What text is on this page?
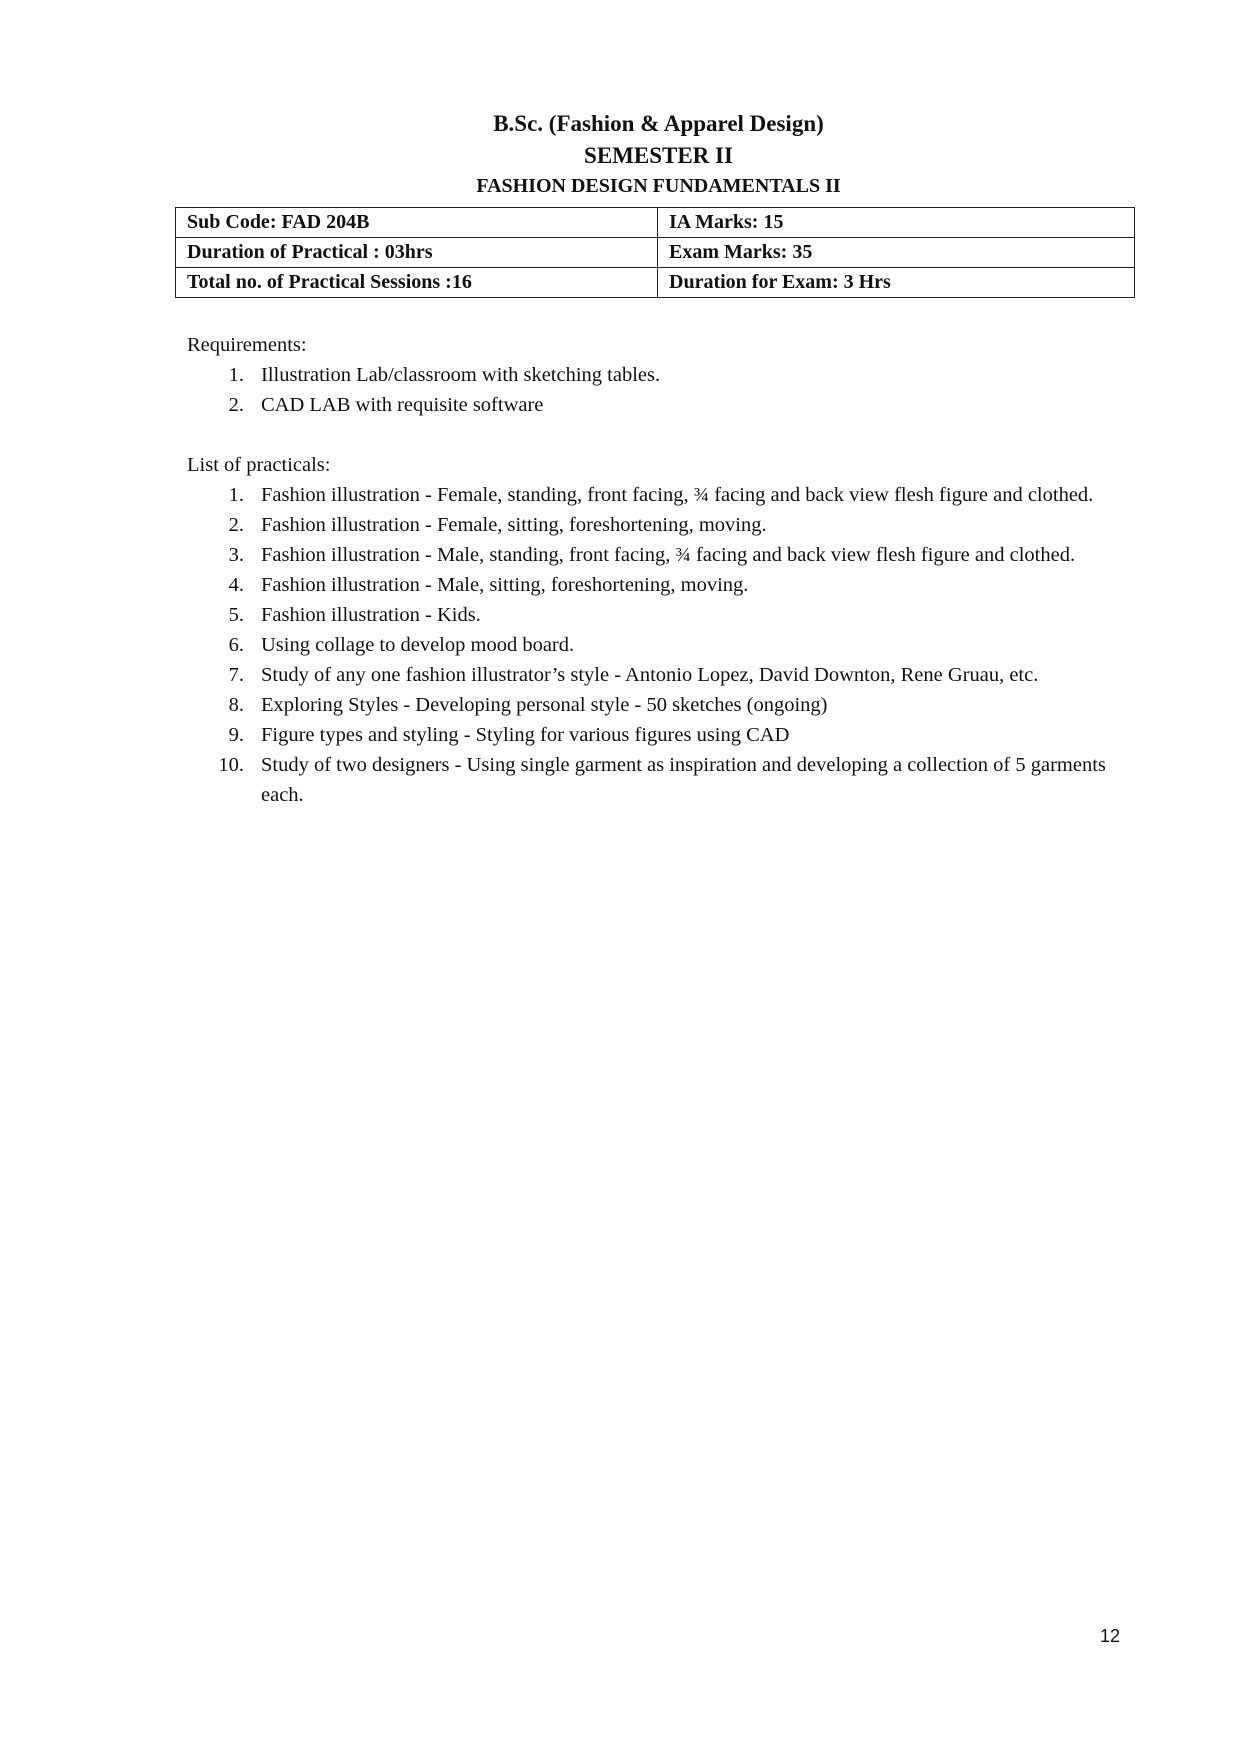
B.Sc. (Fashion & Apparel Design)
SEMESTER II
FASHION DESIGN FUNDAMENTALS II
Sub Code: FAD 204B	IA Marks: 15
Duration of Practical : 03hrs	Exam Marks: 35
Total no. of Practical Sessions :16	Duration for Exam: 3 Hrs

Requirements:

1. Illustration Lab/classroom with sketching tables.
2. CAD LAB with requisite software

List of practicals:

1. Fashion illustration - Female, standing, front facing, ¾ facing and back view flesh figure and clothed.
2. Fashion illustration - Female, sitting, foreshortening, moving.
3. Fashion illustration - Male, standing, front facing, ¾ facing and back view flesh figure and clothed.
4. Fashion illustration - Male, sitting, foreshortening, moving.
5. Fashion illustration - Kids.
6. Using collage to develop mood board.
7. Study of any one fashion illustrator’s style - Antonio Lopez, David Downton, Rene Gruau, etc.
8. Exploring Styles - Developing personal style - 50 sketches (ongoing)
9. Figure types and styling - Styling for various figures using CAD
10. Study of two designers - Using single garment as inspiration and developing a collection of 5 garments each.
12
